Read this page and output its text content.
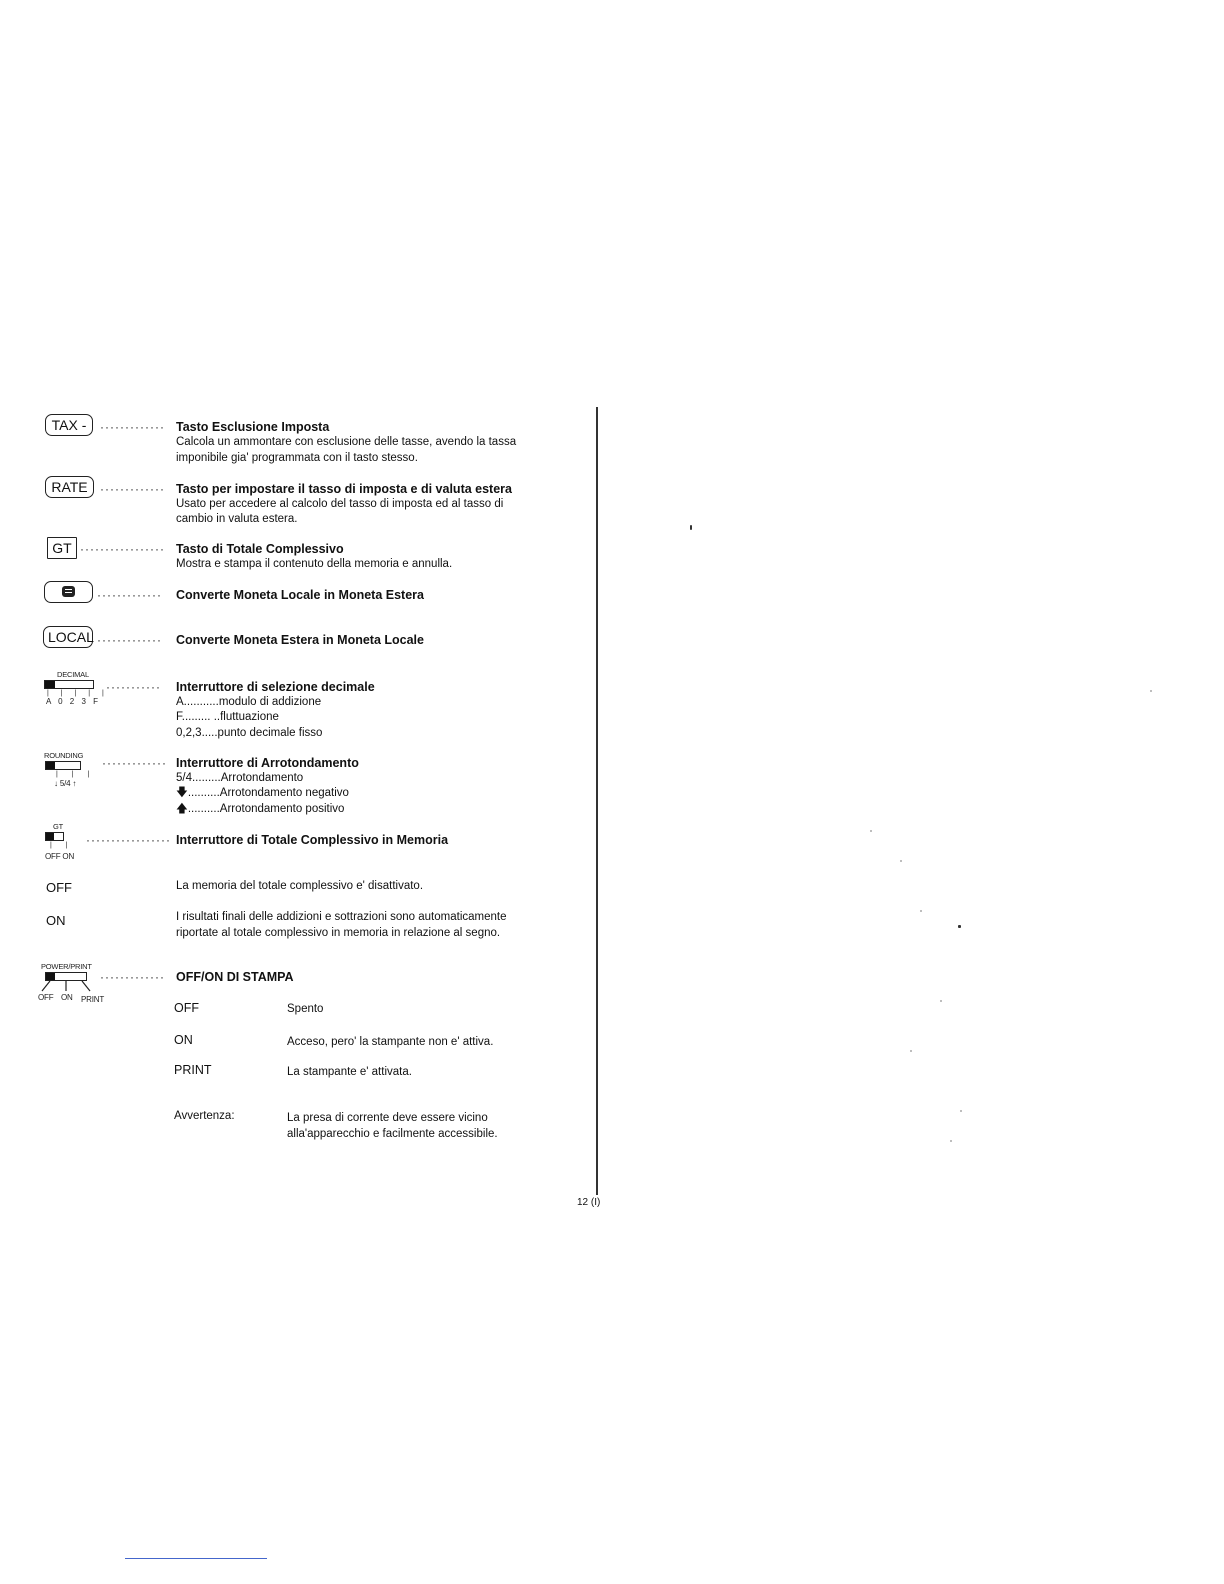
TAX -	············· Tasto Esclusione Imposta
Calcola un ammontare con esclusione delle tasse, avendo la tassa
imponibile gia' programmata con il tasto stesso.
RATE	············· Tasto per impostare il tasso di imposta e di valuta estera
Usato per accedere al calcolo del tasso di imposta ed al tasso di
cambio in valuta estera.
GT ················· Tasto di Totale Complessivo
Mostra e stampa il contenuto della memoria e annulla.
············· Converte Moneta Locale in Moneta Estera
LOCAL ············· Converte Moneta Estera in Moneta Locale
DECIMAL
| | | | |
A 0 2 3 F
··········· Interruttore di selezione decimale
A...........modulo di addizione
F......... ..fluttuazione
0,2,3.....punto decimale fisso
ROUNDING
| | |
↓ 5/4 ↑
············· Interruttore di Arrotondamento
5/4.........Arrotondamento
🡇..........Arrotondamento negativo
🡅..........Arrotondamento positivo
GT
| |
OFF ON
················· Interruttore di Totale Complessivo in Memoria
OFF	La memoria del totale complessivo e' disattivato.
ON	I risultati finali delle addizioni e sottrazioni sono automaticamente
riportate al totale complessivo in memoria in relazione al segno.
POWER/PRINT
OFF ON PRINT
············· OFF/ON DI STAMPA
OFF	Spento
ON	Acceso, pero' la stampante non e' attiva.
PRINT	La stampante e' attivata.
Avvertenza:	La presa di corrente deve essere vicino
alla'apparecchio e facilmente accessibile.
12 (I)
